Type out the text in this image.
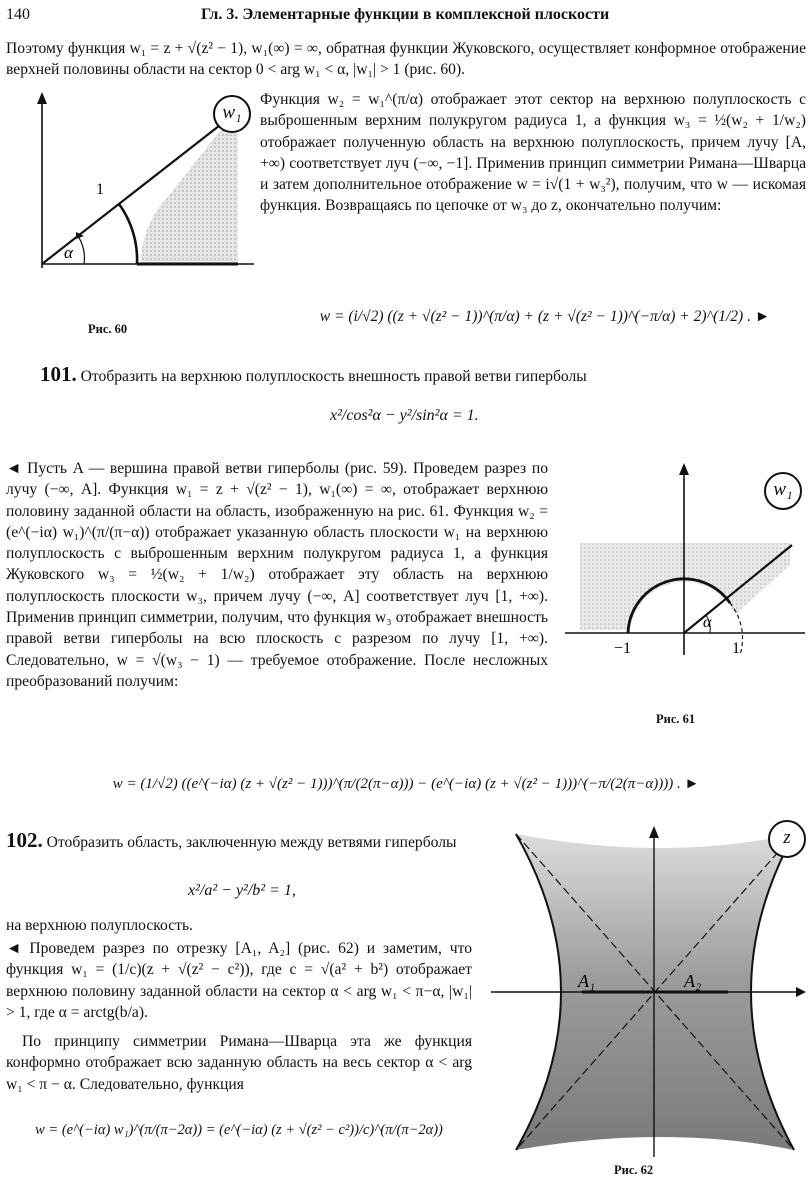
140	Гл. 3. Элементарные функции в комплексной плоскости

Поэтому функция w₁ = z + √(z² − 1), w₁(∞) = ∞, обратная функции Жуковского, осуществляет конформное отображение верхней половины области на сектор 0 < arg w₁ < α, |w₁| > 1 (рис. 60).

1
α
w₁
Рис. 60

Функция w₂ = w₁^(π/α) отображает этот сектор на верхнюю полуплоскость с выброшенным верхним полукругом радиуса 1, а функция w₃ = ½(w₂ + 1/w₂) отображает полученную область на верхнюю полуплоскость, причем лучу [A, +∞) соответствует луч (−∞, −1]. Применив принцип симметрии Римана—Шварца и затем дополнительное отображение w = i√(1 + w₃²), получим, что w — искомая функция. Возвращаясь по цепочке от w₃ до z, окончательно получим:

w = (i/√2) ((z + √(z² − 1))^(π/α) + (z + √(z² − 1))^(−π/α) + 2)^(1/2) . ►
101. Отобразить на верхнюю полуплоскость внешность правой ветви гиперболы
x²/cos²α − y²/sin²α = 1.

◄ Пусть A — вершина правой ветви гиперболы (рис. 59). Проведем разрез по лучу (−∞, A]. Функция w₁ = z + √(z² − 1), w₁(∞) = ∞, отображает верхнюю половину заданной области на область, изображенную на рис. 61. Функция w₂ = (e^(−iα) w₁)^(π/(π−α)) отображает указанную область плоскости w₁ на верхнюю полуплоскость с выброшенным верхним полукругом радиуса 1, а функция Жуковского w₃ = ½(w₂ + 1/w₂) отображает эту область на верхнюю полуплоскость плоскости w₃, причем лучу (−∞, A] соответствует луч [1, +∞). Применив принцип симметрии, получим, что функция w₃ отображает внешность правой ветви гиперболы на всю плоскость с разрезом по лучу [1, +∞). Следовательно, w = √(w₃ − 1) — требуемое отображение. После несложных преобразований получим:

α
−1	1
w₁
Рис. 61
w = (1/√2) ((e^(−iα) (z + √(z² − 1)))^(π/(2(π−α))) − (e^(−iα) (z + √(z² − 1)))^(−π/(2(π−α)))) . ►
102. Отобразить область, заключенную между ветвями гиперболы
x²/a² − y²/b² = 1,
на верхнюю полуплоскость.

◄ Проведем разрез по отрезку [A₁, A₂] (рис. 62) и заметим, что функция w₁ = (1/c)(z + √(z² − c²)), где c = √(a² + b²) отображает верхнюю половину заданной области на сектор α < arg w₁ < π−α, |w₁| > 1, где α = arctg(b/a).

По принципу симметрии Римана—Шварца эта же функция конформно отображает всю заданную область на весь сектор α < arg w₁ < π − α. Следовательно, функция

w = (e^(−iα) w₁)^(π/(π−2α)) = (e^(−iα) (z + √(z² − c²))/c)^(π/(π−2α))
A₁	A₂
z
Рис. 62
